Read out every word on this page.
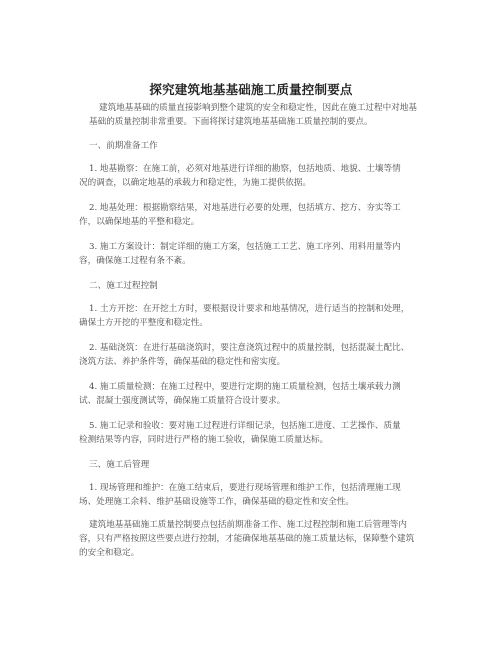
探究建筑地基基础施工质量控制要点
建筑地基基础的质量直接影响到整个建筑的安全和稳定性，因此在施工过程中对地基
基础的质量控制非常重要。下面将探讨建筑地基基础施工质量控制的要点。
一、前期准备工作
1. 地基勘察：在施工前，必须对地基进行详细的勘察，包括地质、地貌、土壤等情
况的调查，以确定地基的承载力和稳定性，为施工提供依据。
2. 地基处理：根据勘察结果，对地基进行必要的处理，包括填方、挖方、夯实等工
作，以确保地基的平整和稳定。
3. 施工方案设计：制定详细的施工方案，包括施工工艺、施工序列、用料用量等内
容，确保施工过程有条不紊。
二、施工过程控制
1. 土方开挖：在开挖土方时，要根据设计要求和地基情况，进行适当的控制和处理，
确保土方开挖的平整度和稳定性。
2. 基础浇筑：在进行基础浇筑时，要注意浇筑过程中的质量控制，包括混凝土配比、
浇筑方法、养护条件等，确保基础的稳定性和密实度。
4. 施工质量检测：在施工过程中，要进行定期的施工质量检测，包括土壤承载力测
试、混凝土强度测试等，确保施工质量符合设计要求。
5. 施工记录和验收：要对施工过程进行详细记录，包括施工进度、工艺操作、质量
检测结果等内容，同时进行严格的施工验收，确保施工质量达标。
三、施工后管理
1. 现场管理和维护：在施工结束后，要进行现场管理和维护工作，包括清理施工现
场、处理施工余料、维护基础设施等工作，确保基础的稳定性和安全性。
建筑地基基础施工质量控制要点包括前期准备工作、施工过程控制和施工后管理等内
容，只有严格按照这些要点进行控制，才能确保地基基础的施工质量达标，保障整个建筑
的安全和稳定。
